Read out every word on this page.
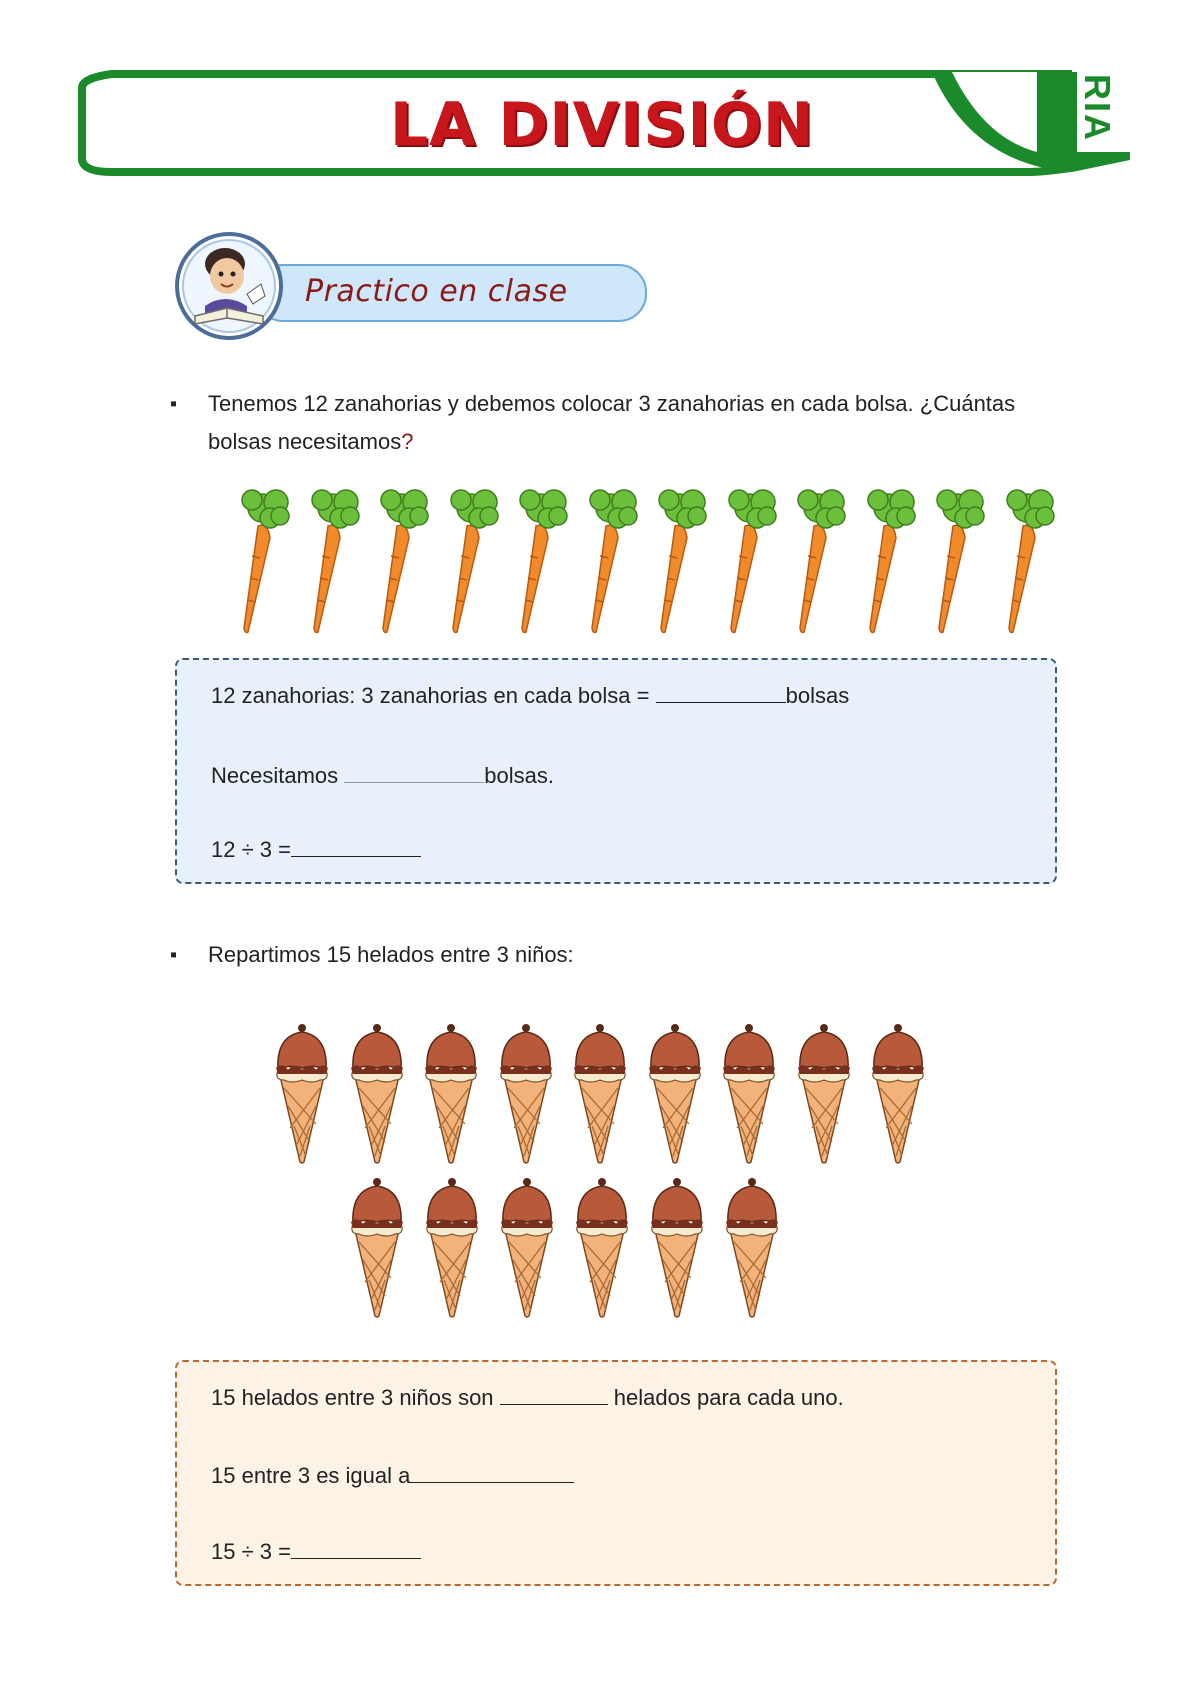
LA DIVISIÓN	RIA
Practico en clase
▪ Tenemos 12 zanahorias y debemos colocar 3 zanahorias en cada bolsa. ¿Cuántas
bolsas necesitamos?
12 zanahorias: 3 zanahorias en cada bolsa =	bolsas
Necesitamos	bolsas.
12 ÷ 3 =
▪ Repartimos 15 helados entre 3 niños:
15 helados entre 3 niños son	helados para cada uno.
15 entre 3 es igual a
15 ÷ 3 =
